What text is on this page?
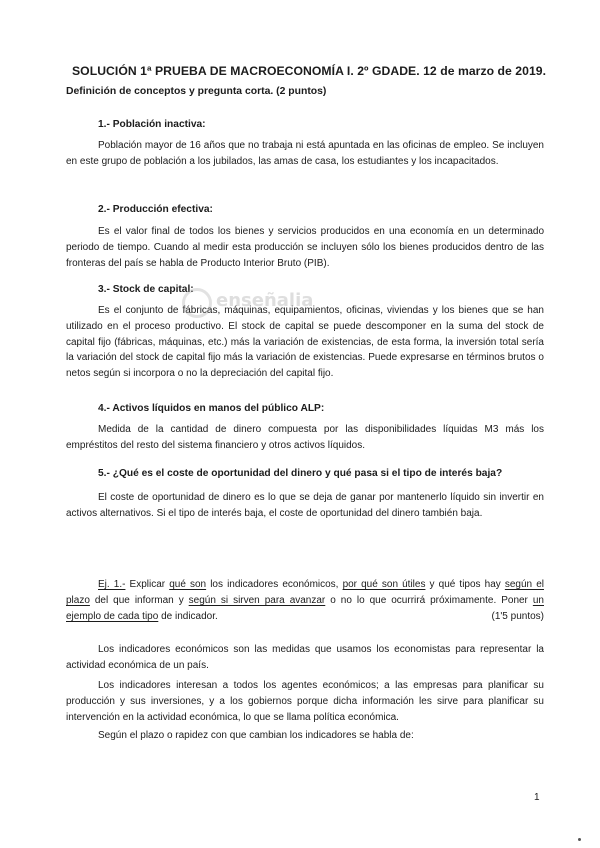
SOLUCIÓN 1ª PRUEBA DE MACROECONOMÍA I. 2º GDADE. 12 de marzo de 2019.
Definición de conceptos y pregunta corta. (2 puntos)
1.- Población inactiva:
Población mayor de 16 años que no trabaja ni está apuntada en las oficinas de empleo. Se incluyen en este grupo de población a los jubilados, las amas de casa, los estudiantes y los incapacitados.
2.- Producción efectiva:
Es el valor final de todos los bienes y servicios producidos en una economía en un determinado periodo de tiempo. Cuando al medir esta producción se incluyen sólo los bienes producidos dentro de las fronteras del país se habla de Producto Interior Bruto (PIB).
3.- Stock de capital:
Es el conjunto de fábricas, máquinas, equipamientos, oficinas, viviendas y los bienes que se han utilizado en el proceso productivo. El stock de capital se puede descomponer en la suma del stock de capital fijo (fábricas, máquinas, etc.) más la variación de existencias, de esta forma, la inversión total sería la variación del stock de capital fijo más la variación de existencias. Puede expresarse en términos brutos o netos según si incorpora o no la depreciación del capital fijo.
enseñalia
4.- Activos líquidos en manos del público ALP:
Medida de la cantidad de dinero compuesta por las disponibilidades líquidas M3 más los empréstitos del resto del sistema financiero y otros activos líquidos.
5.- ¿Qué es el coste de oportunidad del dinero y qué pasa si el tipo de interés baja?
El coste de oportunidad de dinero es lo que se deja de ganar por mantenerlo líquido sin invertir en activos alternativos. Si el tipo de interés baja, el coste de oportunidad del dinero también baja.
Ej. 1.- Explicar qué son los indicadores económicos, por qué son útiles y qué tipos hay según el plazo del que informan y según si sirven para avanzar o no lo que ocurrirá próximamente. Poner un ejemplo de cada tipo de indicador.	(1'5 puntos)
Los indicadores económicos son las medidas que usamos los economistas para representar la actividad económica de un país.
Los indicadores interesan a todos los agentes económicos; a las empresas para planificar su producción y sus inversiones, y a los gobiernos porque dicha información les sirve para planificar su intervención en la actividad económica, lo que se llama política económica.
Según el plazo o rapidez con que cambian los indicadores se habla de:
1
